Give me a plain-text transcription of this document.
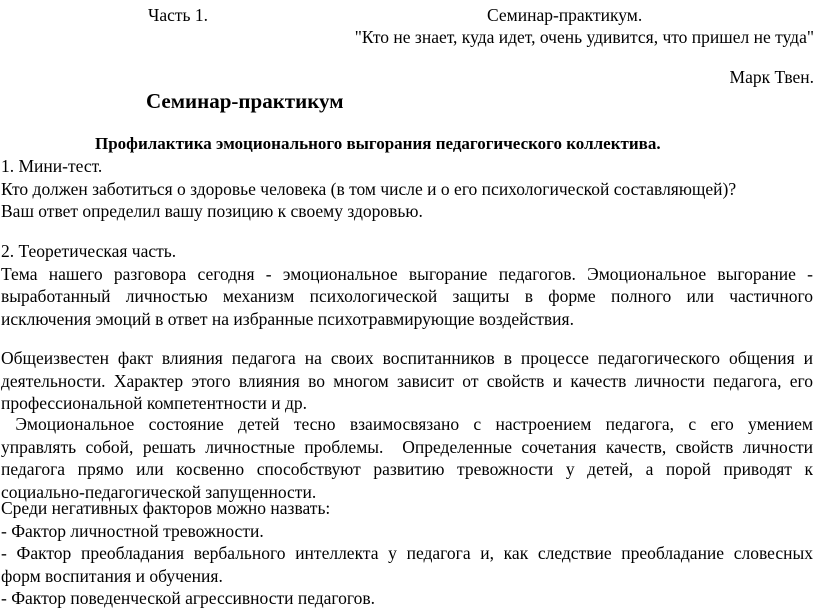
Часть 1.	Семинар-практикум.
"Кто не знает, куда идет, очень удивится, что пришел не туда"
Марк Твен.
Семинар-практикум
Профилактика эмоционального выгорания педагогического коллектива.
1. Мини-тест.
Кто должен заботиться о здоровье человека (в том числе и о его психологической составляющей)?
Ваш ответ определил вашу позицию к своему здоровью.
2. Теоретическая часть.
Тема нашего разговора сегодня - эмоциональное выгорание педагогов. Эмоциональное выгорание -
выработанный личностью механизм психологической защиты в форме полного или частичного
исключения эмоций в ответ на избранные психотравмирующие воздействия.
Общеизвестен факт влияния педагога на своих воспитанников в процессе педагогического общения и
деятельности. Характер этого влияния во многом зависит от свойств и качеств личности педагога, его
профессиональной компетентности и др.
Эмоциональное состояние детей тесно взаимосвязано с настроением педагога, с его умением
управлять собой, решать личностные проблемы.  Определенные сочетания качеств, свойств личности
педагога прямо или косвенно способствуют развитию тревожности у детей, а порой приводят к
социально-педагогической запущенности.
Среди негативных факторов можно назвать:
- Фактор личностной тревожности.
- Фактор преобладания вербального интеллекта у педагога и, как следствие преобладание словесных
форм воспитания и обучения.
- Фактор поведенческой агрессивности педагогов.
